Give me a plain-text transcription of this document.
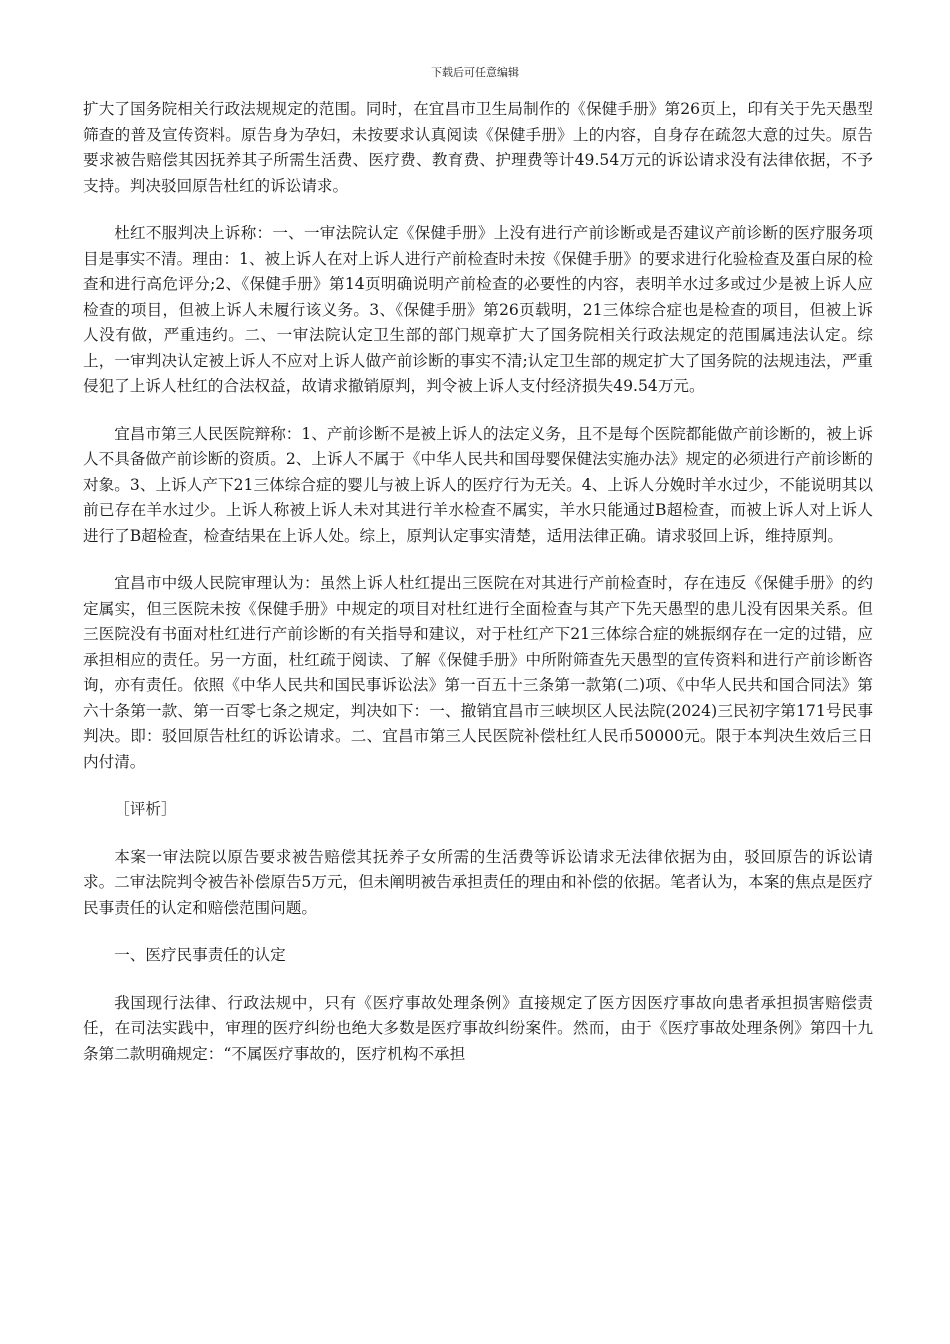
下载后可任意编辑

扩大了国务院相关行政法规规定的范围。同时，在宜昌市卫生局制作的《保健手册》第26页上，印有关于先天愚型筛查的普及宣传资料。原告身为孕妇，未按要求认真阅读《保健手册》上的内容，自身存在疏忽大意的过失。原告要求被告赔偿其因抚养其子所需生活费、医疗费、教育费、护理费等计49.54万元的诉讼请求没有法律依据，不予支持。判决驳回原告杜红的诉讼请求。

杜红不服判决上诉称：一、一审法院认定《保健手册》上没有进行产前诊断或是否建议产前诊断的医疗服务项目是事实不清。理由：1、被上诉人在对上诉人进行产前检查时未按《保健手册》的要求进行化验检查及蛋白尿的检查和进行高危评分;2、《保健手册》第14页明确说明产前检查的必要性的内容，表明羊水过多或过少是被上诉人应检查的项目，但被上诉人未履行该义务。3、《保健手册》第26页载明，21三体综合症也是检查的项目，但被上诉人没有做，严重违约。二、一审法院认定卫生部的部门规章扩大了国务院相关行政法规定的范围属违法认定。综上，一审判决认定被上诉人不应对上诉人做产前诊断的事实不清;认定卫生部的规定扩大了国务院的法规违法，严重侵犯了上诉人杜红的合法权益，故请求撤销原判，判令被上诉人支付经济损失49.54万元。

宜昌市第三人民医院辩称：1、产前诊断不是被上诉人的法定义务，且不是每个医院都能做产前诊断的，被上诉人不具备做产前诊断的资质。2、上诉人不属于《中华人民共和国母婴保健法实施办法》规定的必须进行产前诊断的对象。3、上诉人产下21三体综合症的婴儿与被上诉人的医疗行为无关。4、上诉人分娩时羊水过少，不能说明其以前已存在羊水过少。上诉人称被上诉人未对其进行羊水检查不属实，羊水只能通过B超检查，而被上诉人对上诉人进行了B超检查，检查结果在上诉人处。综上，原判认定事实清楚，适用法律正确。请求驳回上诉，维持原判。

宜昌市中级人民院审理认为：虽然上诉人杜红提出三医院在对其进行产前检查时，存在违反《保健手册》的约定属实，但三医院未按《保健手册》中规定的项目对杜红进行全面检查与其产下先天愚型的患儿没有因果关系。但三医院没有书面对杜红进行产前诊断的有关指导和建议，对于杜红产下21三体综合症的姚振纲存在一定的过错，应承担相应的责任。另一方面，杜红疏于阅读、了解《保健手册》中所附筛查先天愚型的宣传资料和进行产前诊断咨询，亦有责任。依照《中华人民共和国民事诉讼法》第一百五十三条第一款第(二)项、《中华人民共和国合同法》第六十条第一款、第一百零七条之规定，判决如下：一、撤销宜昌市三峡坝区人民法院(2024)三民初字第171号民事判决。即：驳回原告杜红的诉讼请求。二、宜昌市第三人民医院补偿杜红人民币50000元。限于本判决生效后三日内付清。

［评析］

本案一审法院以原告要求被告赔偿其抚养子女所需的生活费等诉讼请求无法律依据为由，驳回原告的诉讼请求。二审法院判令被告补偿原告5万元，但未阐明被告承担责任的理由和补偿的依据。笔者认为，本案的焦点是医疗民事责任的认定和赔偿范围问题。

一、医疗民事责任的认定

我国现行法律、行政法规中，只有《医疗事故处理条例》直接规定了医方因医疗事故向患者承担损害赔偿责任，在司法实践中，审理的医疗纠纷也绝大多数是医疗事故纠纷案件。然而，由于《医疗事故处理条例》第四十九条第二款明确规定：“不属医疗事故的，医疗机构不承担
